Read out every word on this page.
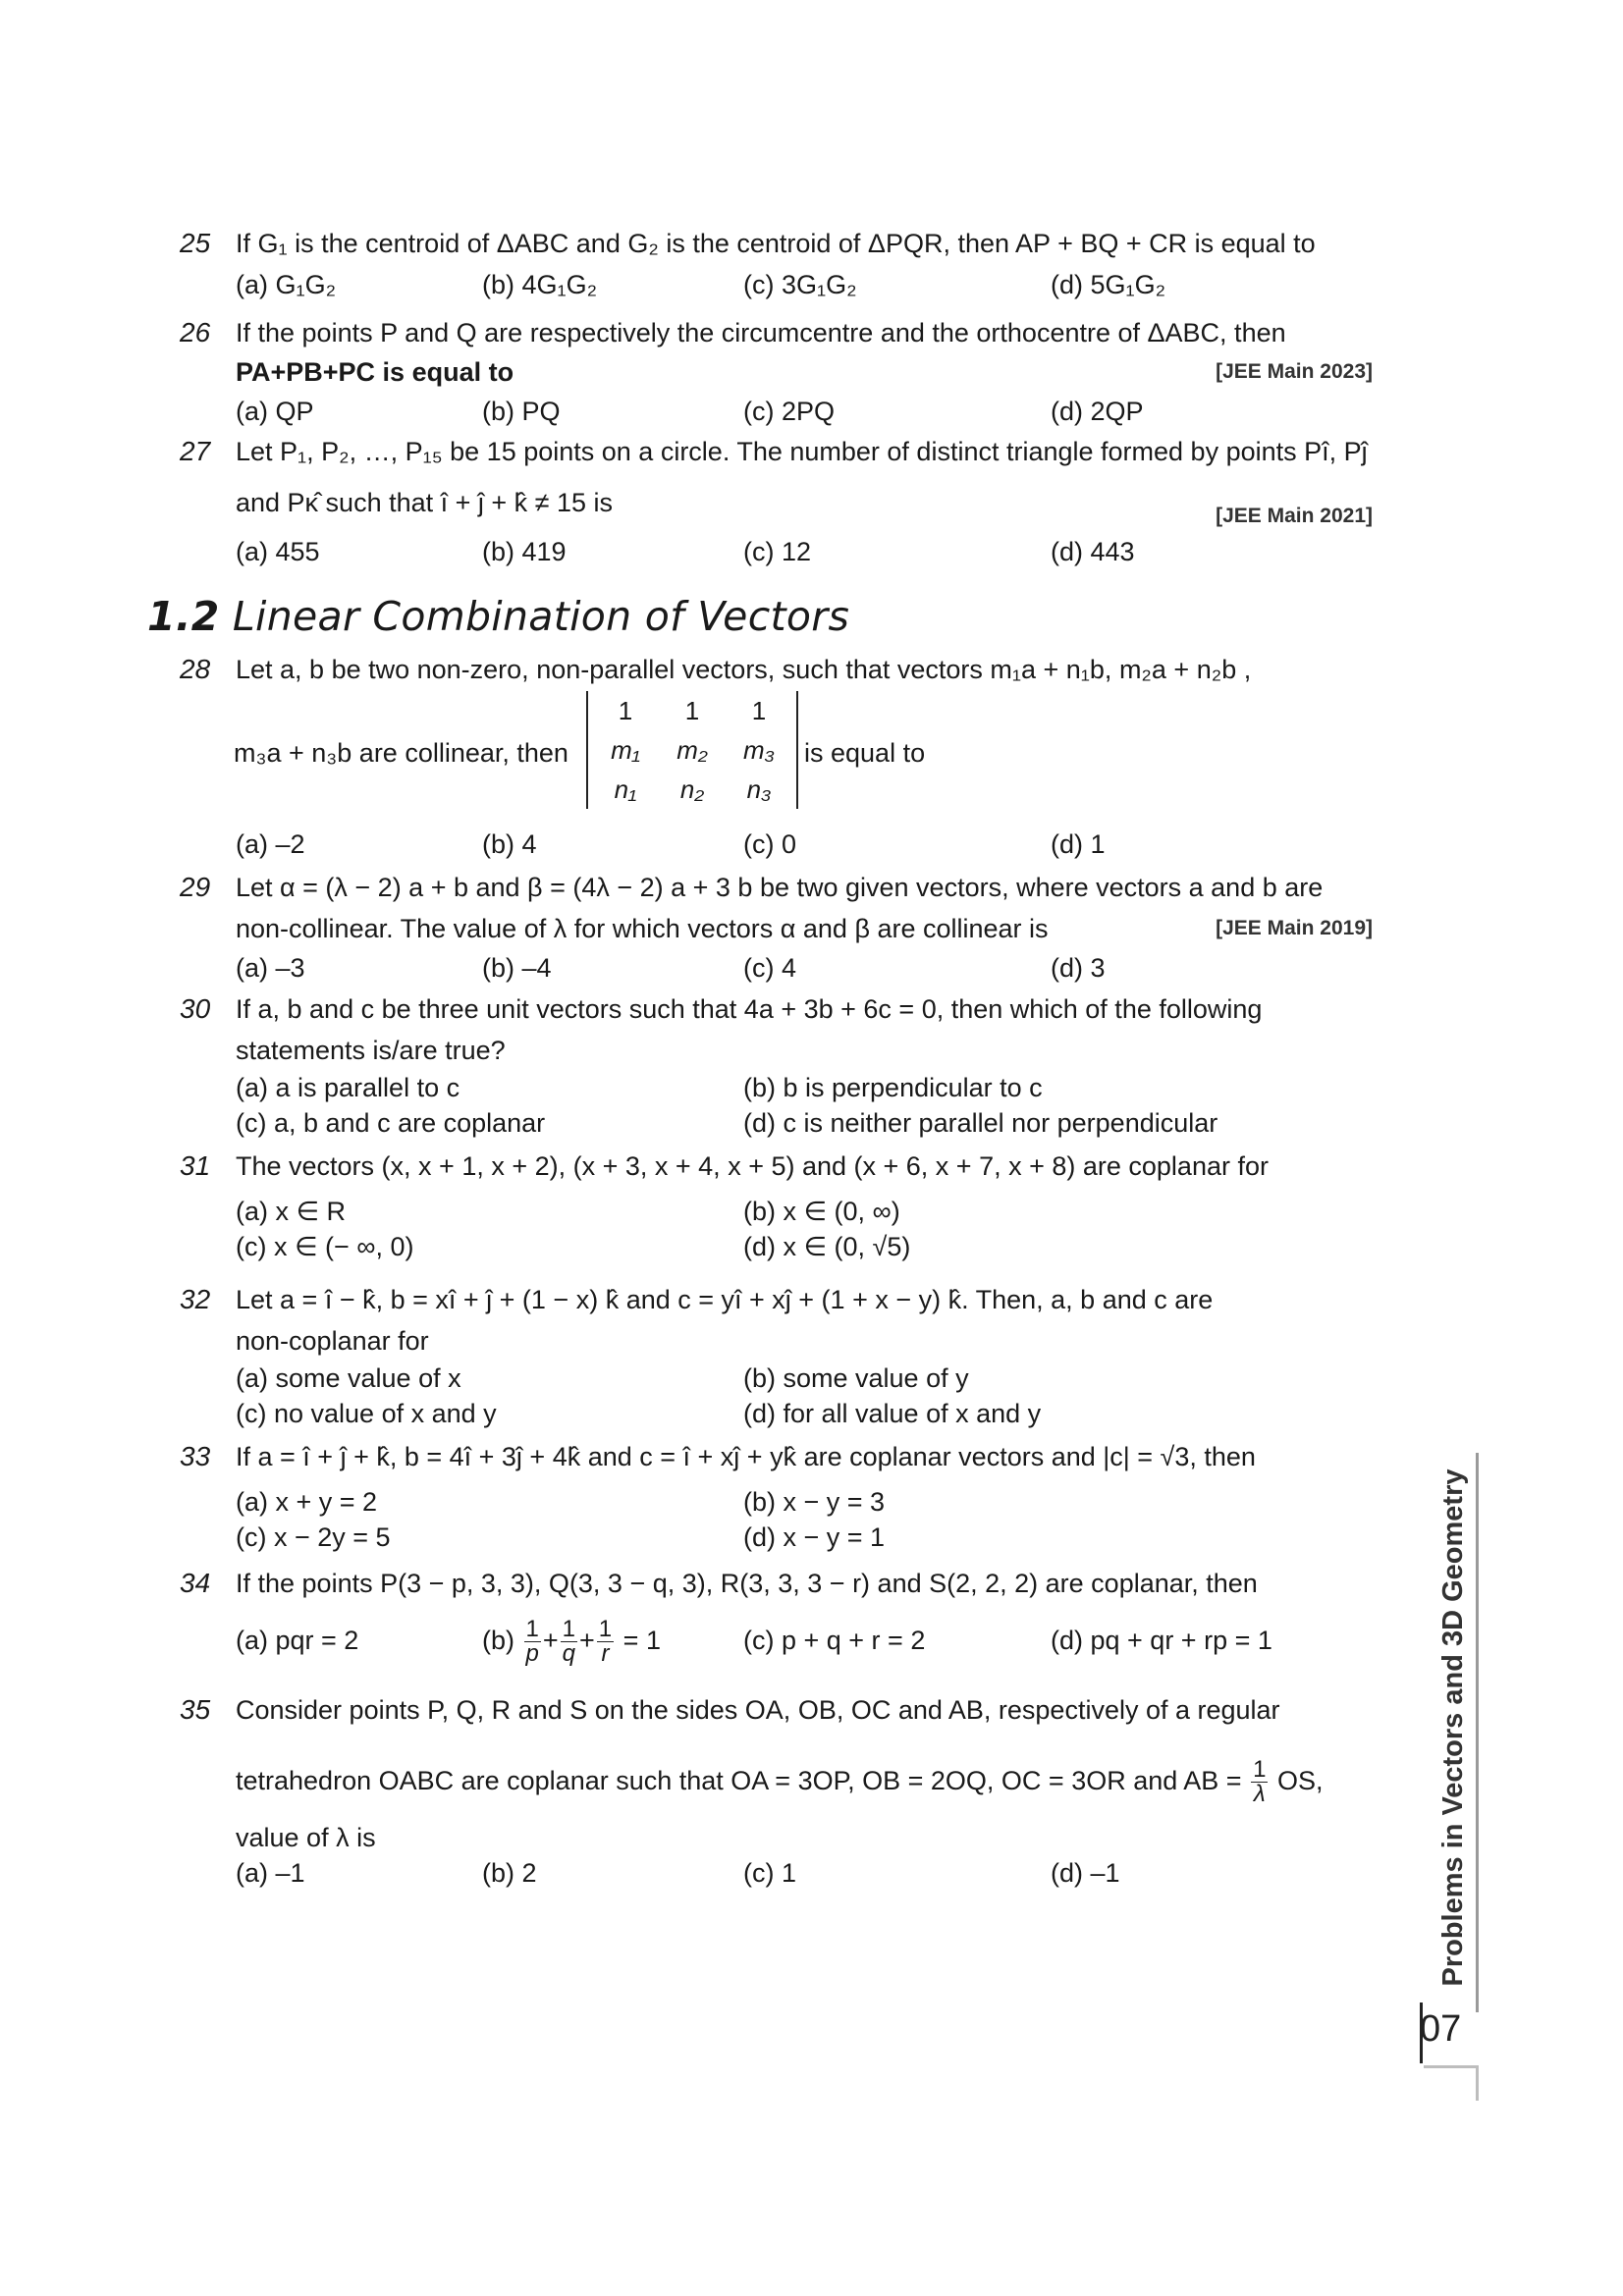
25 If G₁ is the centroid of ΔABC and G₂ is the centroid of ΔPQR, then AP + BQ + CR is equal to
(a) G₁G₂	(b) 4G₁G₂	(c) 3G₁G₂	(d) 5G₁G₂
26 If the points P and Q are respectively the circumcentre and the orthocentre of ΔABC, then
PA+PB+PC is equal to	[JEE Main 2023]
(a) QP	(b) PQ	(c) 2PQ	(d) 2QP
27 Let P₁, P₂, …, P₁₅ be 15 points on a circle. The number of distinct triangle formed by points Pî, Pĵ
and Pκ̂ such that î + ĵ + k̂ ≠ 15 is	[JEE Main 2021]
(a) 455	(b) 419	(c) 12	(d) 443
1.2 Linear Combination of Vectors
28 Let a, b be two non-zero, non-parallel vectors, such that vectors m₁a + n₁b, m₂a + n₂b ,
m₃a + n₃b are collinear, then
1	1	1
m₁	m₂	m₃
n₁	n₂	n₃
is equal to
(a) –2	(b) 4	(c) 0	(d) 1
29 Let α = (λ − 2) a + b and β = (4λ − 2) a + 3 b be two given vectors, where vectors a and b are
non-collinear. The value of λ for which vectors α and β are collinear is	[JEE Main 2019]
(a) –3	(b) –4	(c) 4	(d) 3
30 If a, b and c be three unit vectors such that 4a + 3b + 6c = 0, then which of the following
statements is/are true?
(a) a is parallel to c	(b) b is perpendicular to c
(c) a, b and c are coplanar	(d) c is neither parallel nor perpendicular
31 The vectors (x, x + 1, x + 2), (x + 3, x + 4, x + 5) and (x + 6, x + 7, x + 8) are coplanar for
(a) x ∈ R	(b) x ∈ (0, ∞)
(c) x ∈ (− ∞, 0)	(d) x ∈ (0, √5)
32 Let a = î − k̂, b = xî + ĵ + (1 − x) k̂ and c = yî + xĵ + (1 + x − y) k̂. Then, a, b and c are
non-coplanar for
(a) some value of x	(b) some value of y
(c) no value of x and y	(d) for all value of x and y
33 If a = î + ĵ + k̂, b = 4î + 3ĵ + 4k̂ and c = î + xĵ + yk̂ are coplanar vectors and |c| = √3, then
(a) x + y = 2	(b) x − y = 3
(c) x − 2y = 5	(d) x − y = 1
34 If the points P(3 − p, 3, 3), Q(3, 3 − q, 3), R(3, 3, 3 − r) and S(2, 2, 2) are coplanar, then
(a) pqr = 2	$(b) \frac{1}{p} + \frac{1}{q} + \frac{1}{r} = 1$	(c) p + q + r = 2	(d) pq + qr + rp = 1
35 Consider points P, Q, R and S on the sides OA, OB, OC and AB, respectively of a regular
tetrahedron OABC are coplanar such that OA = 3OP, OB = 2OQ, OC = 3OR and AB = $\frac{1}{\lambda}$ OS,
value of λ is
(a) –1	(b) 2	(c) 1	(d) –1	Problems in Vectors and 3D Geometry
07
